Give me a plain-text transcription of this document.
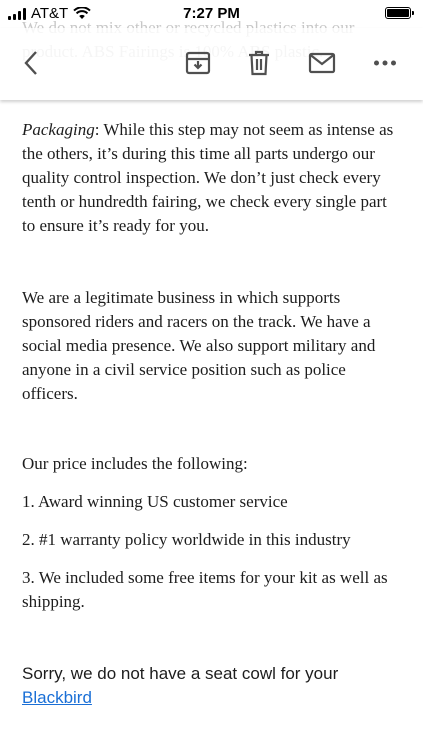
AT&T	7:27 PM

Packaging: While this step may not seem as intense as the others, it’s during this time all parts undergo our quality control inspection. We don’t just check every tenth or hundredth fairing, we check every single part to ensure it’s ready for you.

We are a legitimate business in which supports sponsored riders and racers on the track. We have a social media presence. We also support military and anyone in a civil service position such as police officers.

Our price includes the following:

1. Award winning US customer service

2. #1 warranty policy worldwide in this industry

3. We included some free items for your kit as well as shipping.

Sorry, we do not have a seat cowl for your
Blackbird
